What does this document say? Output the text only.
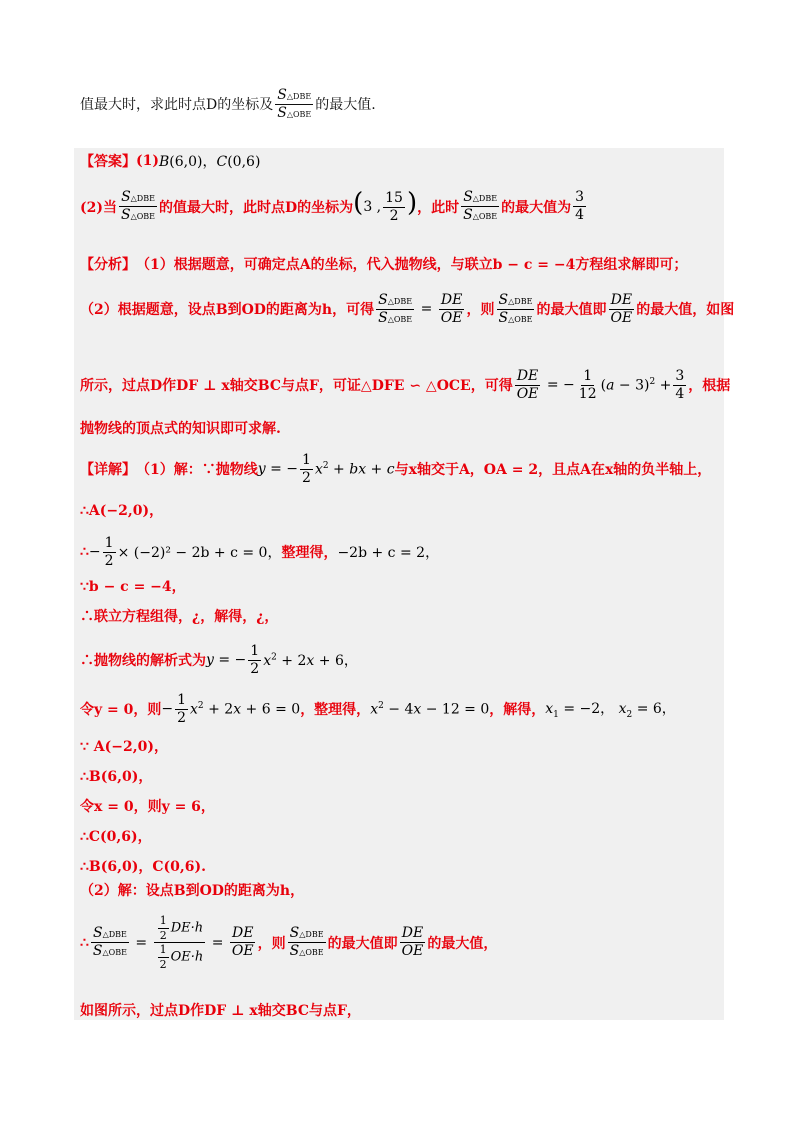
值最大时，求此时点D的坐标及 $\frac{\text{S△DBE}}{\text{S△OBE}}$ 的最大值.
【答案】 (1) B(6,0)，C(0,6)
(2)当 $\frac{\text{S△DBE}}{\text{S△OBE}}$ 的值最大时，此时点D的坐标为 (3 , $\frac{15}{2}$ ) ，此时 $\frac{\text{S△DBE}}{\text{S△OBE}}$ 的最大值为 $\frac{3}{4}$
【分析】 （1）根据题意，可确定点A的坐标，代入抛物线，与联立b − c = −4方程组求解即可；
（2）根据题意，设点B到OD的距离为h，可得 $\frac{\text{S△DBE}}{\text{S△OBE}} = \frac{DE}{OE}$ ，则 $\frac{\text{S△DBE}}{\text{S△OBE}}$ 的最大值即 $\frac{DE}{OE}$ 的最大值，如图
所示，过点D作DF ⊥ x轴交BC与点F，可证△DFE ∽ △OCE，可得 $\frac{DE}{OE}$ = − $\frac{1}{12} (a - 3)^2 + \frac{3}{4}$ ，根据
抛物线的顶点式的知识即可求解.
【详解】 （1）解：∵抛物线 y = − $\frac{1}{2} x^2$ + bx + c 与x轴交于A，OA = 2，且点A在x轴的负半轴上，
∴A(−2,0)，
∴ − $\frac{1}{2} \times (-2)^2 - 2b + c = 0$， 整理得， −2b + c = 2，
∵b − c = −4，
∴联立方程组得，¿，解得，¿，
∴抛物线的解析式为 y = − $\frac{1}{2} x^2 + 2x + 6$，
令y = 0，则 − $\frac{1}{2} x^2 + 2x + 6 = 0$ ，整理得， $x^2 - 4x - 12 = 0$ ，解得， $x_1 = -2$， $x_2 = 6$，
∵ A(−2,0)，
∴B(6,0)，
令x = 0，则y = 6，
∴C(0,6)，
∴B(6,0)，C(0,6).
（2）解：设点B到OD的距离为h，
∴ $\frac{\text{S△DBE}}{\text{S△OBE}} = \frac{\frac{1}{2} DE\cdot h}{\frac{1}{2} OE\cdot h} = \frac{DE}{OE}$ ，则 $\frac{\text{S△DBE}}{\text{S△OBE}}$ 的最大值即 $\frac{DE}{OE}$ 的最大值，
如图所示，过点D作DF ⊥ x轴交BC与点F，
